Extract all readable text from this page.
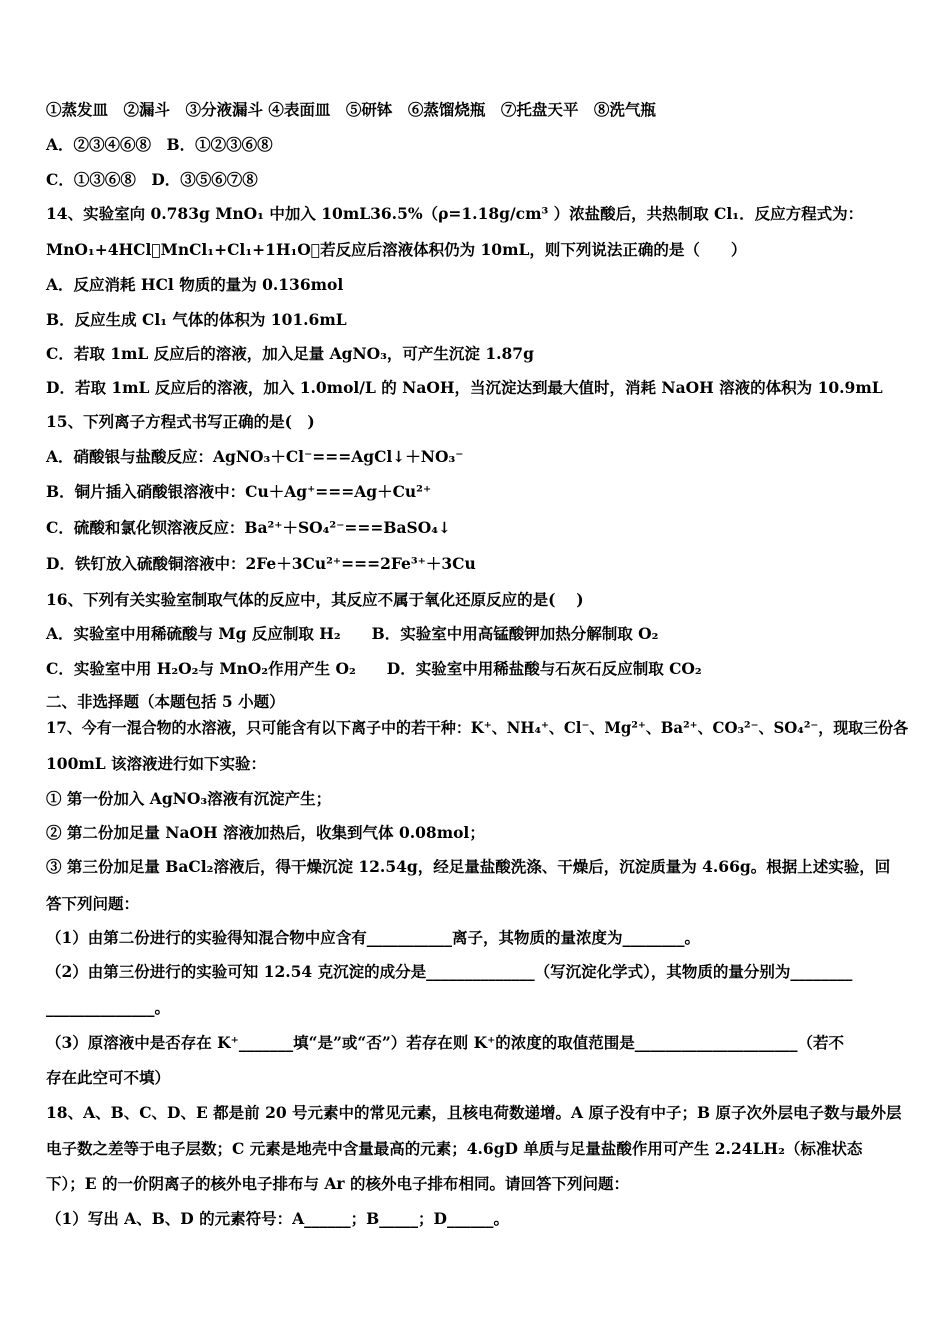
①蒸发皿　②漏斗　③分液漏斗 ④表面皿　⑤研钵　⑥蒸馏烧瓶　⑦托盘天平　⑧洗气瓶
A．②③④⑥⑧　B．①②③⑥⑧
C．①③⑥⑧　D．③⑤⑥⑦⑧
14、实验室向 0.783g MnO₁ 中加入 10mL36.5%（ρ=1.18g/cm³ ）浓盐酸后，共热制取 Cl₁．反应方程式为：
MnO₁+4HCl⃞MnCl₁+Cl₁+1H₁O，若反应后溶液体积仍为 10mL，则下列说法正确的是（　　）
A．反应消耗 HCl 物质的量为 0.136mol
B．反应生成 Cl₁ 气体的体积为 101.6mL
C．若取 1mL 反应后的溶液，加入足量 AgNO₃，可产生沉淀 1.87g
D．若取 1mL 反应后的溶液，加入 1.0mol/L 的 NaOH，当沉淀达到最大值时，消耗 NaOH 溶液的体积为 10.9mL
15、下列离子方程式书写正确的是(　)
A．硝酸银与盐酸反应：AgNO₃＋Cl⁻===AgCl↓＋NO₃⁻
B．铜片插入硝酸银溶液中：Cu＋Ag⁺===Ag＋Cu²⁺
C．硫酸和氯化钡溶液反应：Ba²⁺＋SO₄²⁻===BaSO₄↓
D．铁钉放入硫酸铜溶液中：2Fe＋3Cu²⁺===2Fe³⁺＋3Cu
16、下列有关实验室制取气体的反应中，其反应不属于氧化还原反应的是(　 )
A．实验室中用稀硫酸与 Mg 反应制取 H₂　　B．实验室中用高锰酸钾加热分解制取 O₂
C．实验室中用 H₂O₂与 MnO₂作用产生 O₂　　D．实验室中用稀盐酸与石灰石反应制取 CO₂
二、非选择题（本题包括 5 小题）
17、今有一混合物的水溶液，只可能含有以下离子中的若干种：K⁺、NH₄⁺、Cl⁻、Mg²⁺、Ba²⁺、CO₃²⁻、SO₄²⁻，现取三份各
100mL 该溶液进行如下实验：
① 第一份加入 AgNO₃溶液有沉淀产生；
② 第二份加足量 NaOH 溶液加热后，收集到气体 0.08mol；
③ 第三份加足量 BaCl₂溶液后，得干燥沉淀 12.54g，经足量盐酸洗涤、干燥后，沉淀质量为 4.66g。根据上述实验，回
答下列问题：
（1）由第二份进行的实验得知混合物中应含有___________离子，其物质的量浓度为________。
（2）由第三份进行的实验可知 12.54 克沉淀的成分是______________（写沉淀化学式），其物质的量分别为________
______________。
（3）原溶液中是否存在 K⁺_______填“是”或“否”）若存在则 K⁺的浓度的取值范围是_____________________（若不
存在此空可不填）
18、A、B、C、D、E 都是前 20 号元素中的常见元素，且核电荷数递增。A 原子没有中子；B 原子次外层电子数与最外层
电子数之差等于电子层数；C 元素是地壳中含量最高的元素；4.6gD 单质与足量盐酸作用可产生 2.24LH₂（标准状态
下）；E 的一价阴离子的核外电子排布与 Ar 的核外电子排布相同。请回答下列问题：
（1）写出 A、B、D 的元素符号：A______；B_____；D______。
